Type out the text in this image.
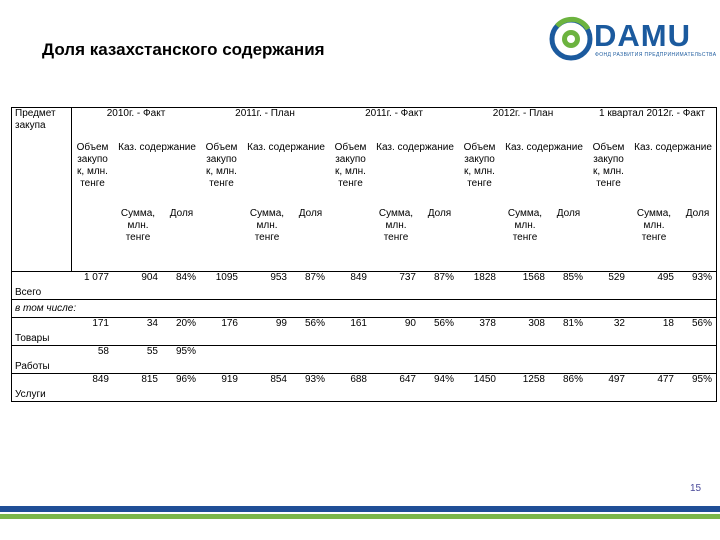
Доля казахстанского содержания	DAMU
ФОНД РАЗВИТИЯ ПРЕДПРИНИМАТЕЛЬСТВА
Предмет закупа	2010г. - Факт			2011г. - План			2011г. - Факт			2012г. - План			1 квартал 2012г. - Факт		
	Объем закупо к, млн. тенге	Каз. содержание		Объем закупо к, млн. тенге	Каз. содержание		Объем закупо к, млн. тенге	Каз. содержание		Объем закупо к, млн. тенге	Каз. содержание		Объем закупо к, млн. тенге	Каз. содержание	
		Сумма, млн. тенге	Доля		Сумма, млн. тенге	Доля		Сумма, млн. тенге	Доля		Сумма, млн. тенге	Доля		Сумма, млн. тенге	Доля
Всего	1 077	904	84%	1095	953	87%	849	737	87%	1828	1568	85%	529	495	93%
в том числе:															
Товары	171	34	20%	176	99	56%	161	90	56%	378	308	81%	32	18	56%
Работы	58	55	95%												
Услуги	849	815	96%	919	854	93%	688	647	94%	1450	1258	86%	497	477	95%
15
